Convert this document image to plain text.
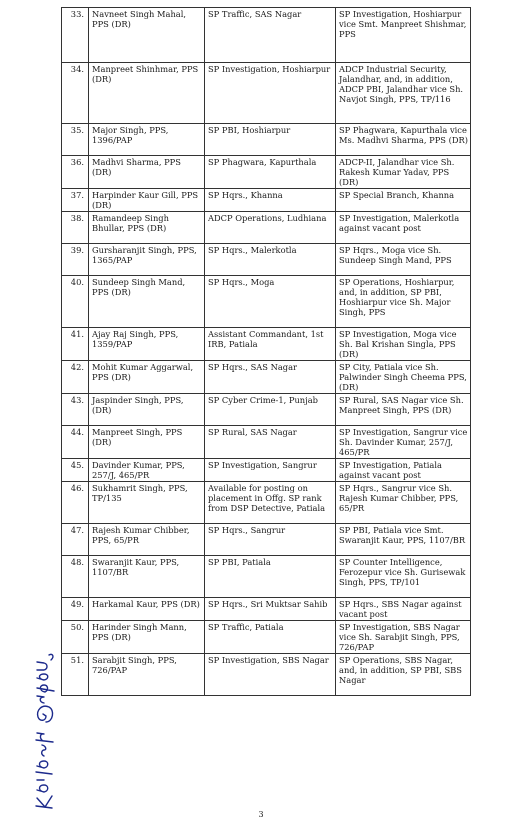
33.	Navneet Singh Mahal, PPS (DR)	SP Traffic, SAS Nagar	SP Investigation, Hoshiarpur vice Smt. Manpreet Shishmar, PPS
34.	Manpreet Shinhmar, PPS (DR)	SP Investigation, Hoshiarpur	ADCP Industrial Security, Jalandhar, and, in addition, ADCP PBI, Jalandhar vice Sh. Navjot Singh, PPS, TP/116
35.	Major Singh, PPS, 1396/PAP	SP PBI, Hoshiarpur	SP Phagwara, Kapurthala vice Ms. Madhvi Sharma, PPS (DR)
36.	Madhvi Sharma, PPS (DR)	SP Phagwara, Kapurthala	ADCP-II, Jalandhar vice Sh. Rakesh Kumar Yadav, PPS (DR)
37.	Harpinder Kaur Gill, PPS (DR)	SP Hqrs., Khanna	SP Special Branch, Khanna
38.	Ramandeep Singh Bhullar, PPS (DR)	ADCP Operations, Ludhiana	SP Investigation, Malerkotla against vacant post
39.	Gursharanjit Singh, PPS, 1365/PAP	SP Hqrs., Malerkotla	SP Hqrs., Moga vice Sh. Sundeep Singh Mand, PPS
40.	Sundeep Singh Mand, PPS (DR)	SP Hqrs., Moga	SP Operations, Hoshiarpur, and, in addition, SP PBI, Hoshiarpur vice Sh. Major Singh, PPS
41.	Ajay Raj Singh, PPS, 1359/PAP	Assistant Commandant, 1st IRB, Patiala	SP Investigation, Moga vice Sh. Bal Krishan Singla, PPS (DR)
42.	Mohit Kumar Aggarwal, PPS (DR)	SP Hqrs., SAS Nagar	SP City, Patiala vice Sh. Palwinder Singh Cheema PPS, (DR)
43.	Jaspinder Singh, PPS, (DR)	SP Cyber Crime-1, Punjab	SP Rural, SAS Nagar vice Sh. Manpreet Singh, PPS (DR)
44.	Manpreet Singh, PPS (DR)	SP Rural, SAS Nagar	SP Investigation, Sangrur vice Sh. Davinder Kumar, 257/J, 465/PR
45.	Davinder Kumar, PPS, 257/J, 465/PR	SP Investigation, Sangrur	SP Investigation, Patiala against vacant post
46.	Sukhamrit Singh, PPS, TP/135	Available for posting on placement in Offg. SP rank from DSP Detective, Patiala	SP Hqrs., Sangrur vice Sh. Rajesh Kumar Chibber, PPS, 65/PR
47.	Rajesh Kumar Chibber, PPS, 65/PR	SP Hqrs., Sangrur	SP PBI, Patiala vice Smt. Swaranjit Kaur, PPS, 1107/BR
48.	Swaranjit Kaur, PPS, 1107/BR	SP PBI, Patiala	SP Counter Intelligence, Ferozepur vice Sh. Gurisewak Singh, PPS, TP/101
49.	Harkamal Kaur, PPS (DR)	SP Hqrs., Sri Muktsar Sahib	SP Hqrs., SBS Nagar against vacant post
50.	Harinder Singh Mann, PPS (DR)	SP Traffic, Patiala	SP Investigation, SBS Nagar vice Sh. Sarabjit Singh, PPS, 726/PAP
51.	Sarabjit Singh, PPS, 726/PAP	SP Investigation, SBS Nagar	SP Operations, SBS Nagar, and, in addition, SP PBI, SBS Nagar
3
